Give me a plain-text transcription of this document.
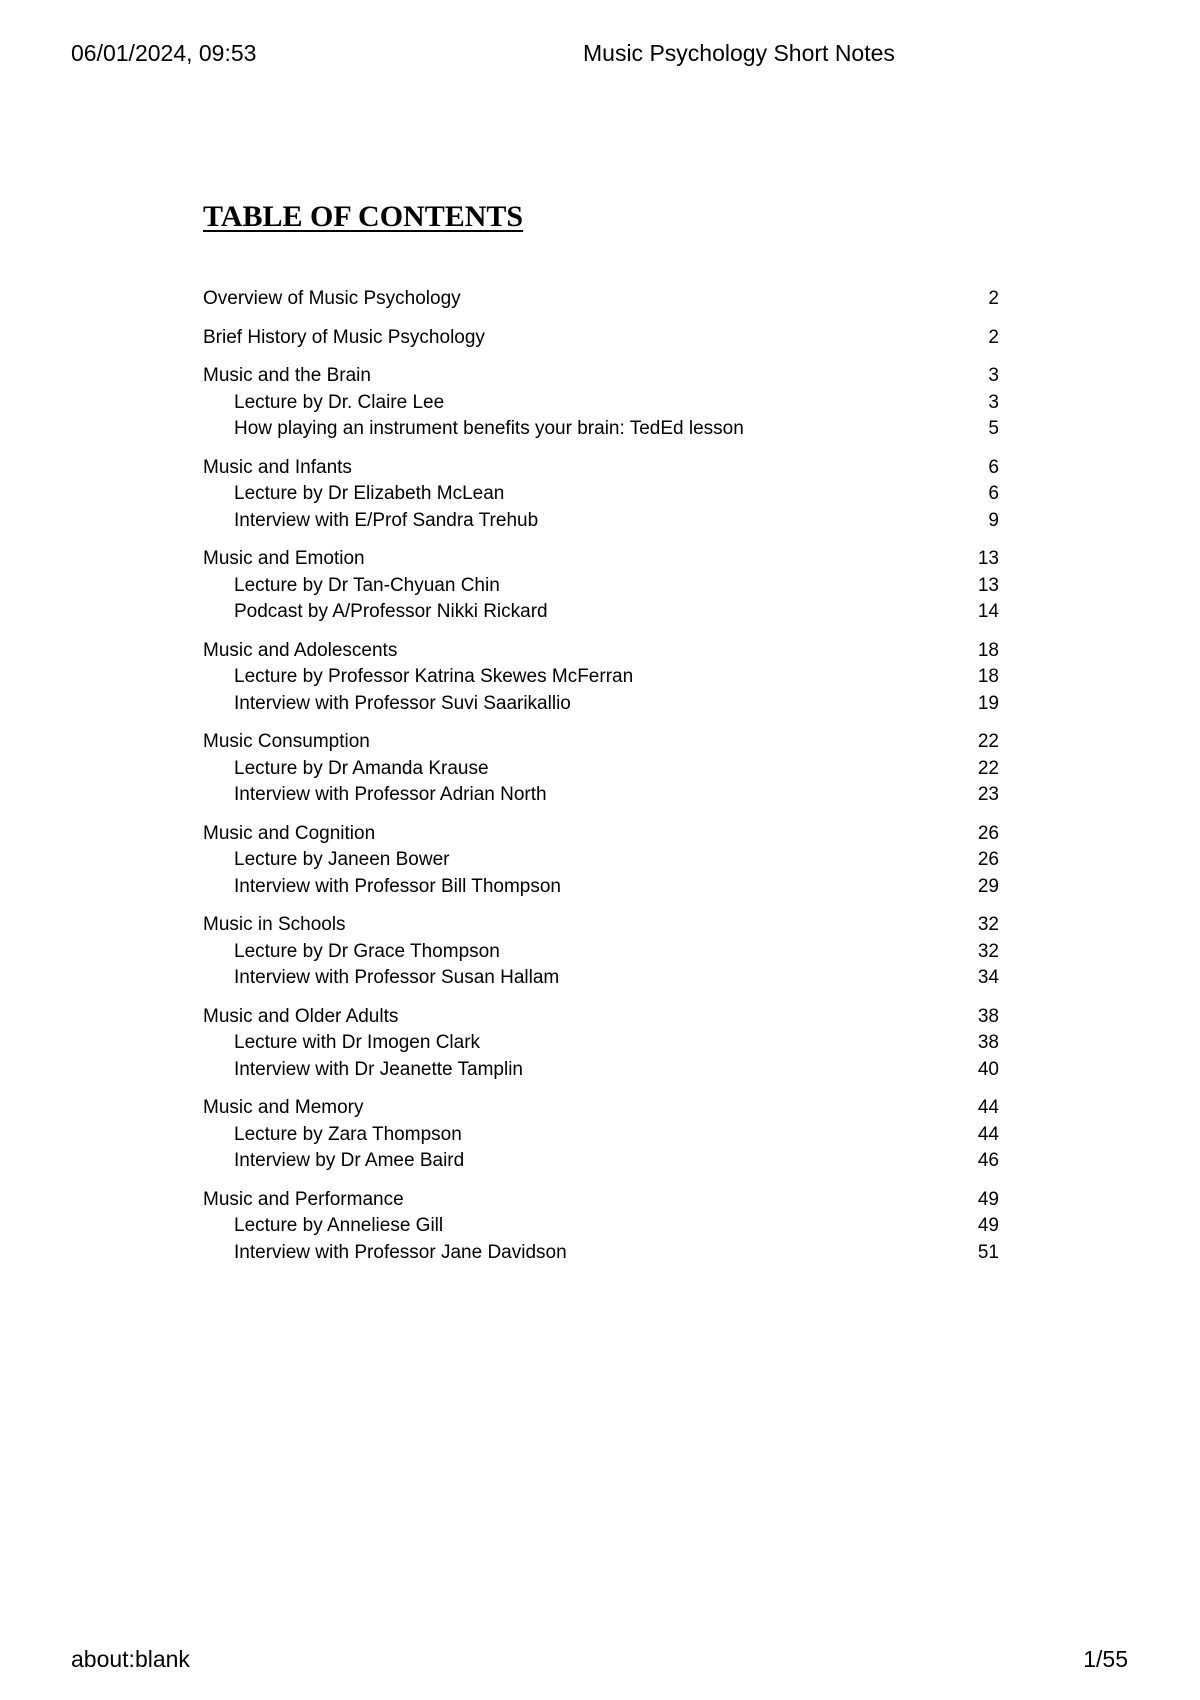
06/01/2024, 09:53	Music Psychology Short Notes
TABLE OF CONTENTS
Overview of Music Psychology	2
Brief History of Music Psychology	2
Music and the Brain	3
Lecture by Dr. Claire Lee	3
How playing an instrument benefits your brain: TedEd lesson	5
Music and Infants	6
Lecture by Dr Elizabeth McLean	6
Interview with E/Prof Sandra Trehub	9
Music and Emotion	13
Lecture by Dr Tan-Chyuan Chin	13
Podcast by A/Professor Nikki Rickard	14
Music and Adolescents	18
Lecture by Professor Katrina Skewes McFerran	18
Interview with Professor Suvi Saarikallio	19
Music Consumption	22
Lecture by Dr Amanda Krause	22
Interview with Professor Adrian North	23
Music and Cognition	26
Lecture by Janeen Bower	26
Interview with Professor Bill Thompson	29
Music in Schools	32
Lecture by Dr Grace Thompson	32
Interview with Professor Susan Hallam	34
Music and Older Adults	38
Lecture with Dr Imogen Clark	38
Interview with Dr Jeanette Tamplin	40
Music and Memory	44
Lecture by Zara Thompson	44
Interview by Dr Amee Baird	46
Music and Performance	49
Lecture by Anneliese Gill	49
Interview with Professor Jane Davidson	51
about:blank	1/55
